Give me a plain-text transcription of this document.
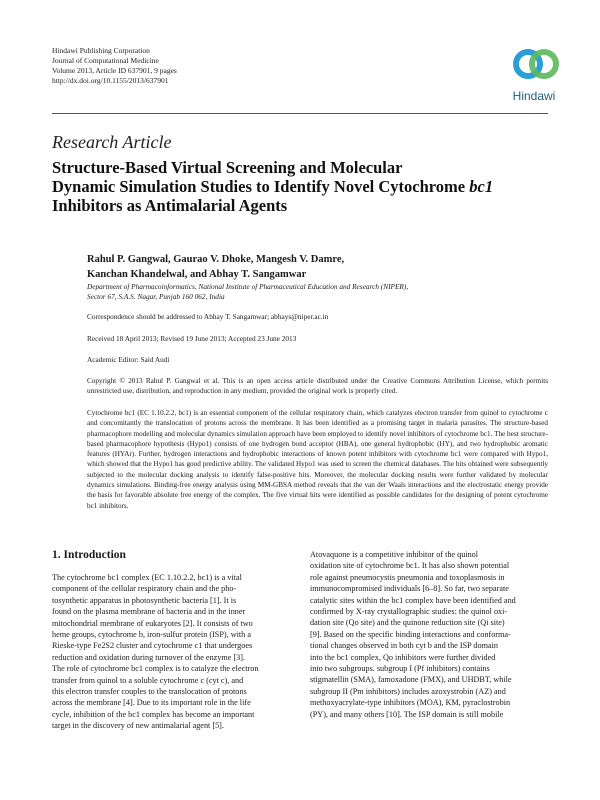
Hindawi Publishing Corporation
Journal of Computational Medicine
Volume 2013, Article ID 637901, 9 pages
http://dx.doi.org/10.1155/2013/637901
Hindawi
Research Article
Structure-Based Virtual Screening and Molecular
Dynamic Simulation Studies to Identify Novel Cytochrome bc1
Inhibitors as Antimalarial Agents
Rahul P. Gangwal, Gaurao V. Dhoke, Mangesh V. Damre,
Kanchan Khandelwal, and Abhay T. Sangamwar
Department of Pharmacoinformatics, National Institute of Pharmaceutical Education and Research (NIPER),
Sector 67, S.A.S. Nagar, Punjab 160 062, India
Correspondence should be addressed to Abhay T. Sangamwar; abhays@niper.ac.in
Received 18 April 2013; Revised 19 June 2013; Accepted 23 June 2013
Academic Editor: Said Audi
Copyright © 2013 Rahul P. Gangwal et al. This is an open access article distributed under the Creative Commons Attribution License, which permits unrestricted use, distribution, and reproduction in any medium, provided the original work is properly cited.
Cytochrome bc1 (EC 1.10.2.2, bc1) is an essential component of the cellular respiratory chain, which catalyzes electron transfer from quinol to cytochrome c and concomitantly the translocation of protons across the membrane. It has been identified as a promising target in malaria parasites. The structure-based pharmacophore modelling and molecular dynamics simulation approach have been employed to identify novel inhibitors of cytochrome bc1. The best structure-based pharmacophore hypothesis (Hypo1) consists of one hydrogen bond acceptor (HBA), one general hydrophobic (HY), and two hydrophobic aromatic features (HYAr). Further, hydrogen interactions and hydrophobic interactions of known potent inhibitors with cytochrome bc1 were compared with Hypo1, which showed that the Hypo1 has good predictive ability. The validated Hypo1 was used to screen the chemical databases. The hits obtained were subsequently subjected to the molecular docking analysis to identify false-positive hits. Moreover, the molecular docking results were further validated by molecular dynamics simulations. Binding-free energy analysis using MM-GBSA method reveals that the van der Waals interactions and the electrostatic energy provide the basis for favorable absolute free energy of the complex. The five virtual hits were identified as possible candidates for the designing of potent cytochrome bc1 inhibitors.
1. Introduction
The cytochrome bc1 complex (EC 1.10.2.2, bc1) is a vital
component of the cellular respiratory chain and the pho-
tosynthetic apparatus in photosynthetic bacteria [1]. It is
found on the plasma membrane of bacteria and in the inner
mitochondrial membrane of eukaryotes [2]. It consists of two
heme groups, cytochrome b, iron-sulfur protein (ISP), with a
Rieske-type Fe2S2 cluster and cytochrome c1 that undergoes
reduction and oxidation during turnover of the enzyme [3].
The role of cytochrome bc1 complex is to catalyze the electron
transfer from quinol to a soluble cytochrome c (cyt c), and
this electron transfer couples to the translocation of protons
across the membrane [4]. Due to its important role in the life
cycle, inhibition of the bc1 complex has become an important
target in the discovery of new antimalarial agent [5].
Atovaquone is a competitive inhibitor of the quinol
oxidation site of cytochrome bc1. It has also shown potential
role against pneumocystis pneumonia and toxoplasmosis in
immunocompromised individuals [6–8]. So far, two separate
catalytic sites within the bc1 complex have been identified and
confirmed by X-ray crystallographic studies: the quinol oxi-
dation site (Qo site) and the quinone reduction site (Qi site)
[9]. Based on the specific binding interactions and conforma-
tional changes observed in both cyt b and the ISP domain
into the bc1 complex, Qo inhibitors were further divided
into two subgroups. subgroup I (Pf inhibitors) contains
stigmatellin (SMA), famoxadone (FMX), and UHDBT, while
subgroup II (Pm inhibitors) includes azoxystrobin (AZ) and
methoxyacrylate-type inhibitors (MOA), KM, pyraclostrobin
(PY), and many others [10]. The ISP domain is still mobile
